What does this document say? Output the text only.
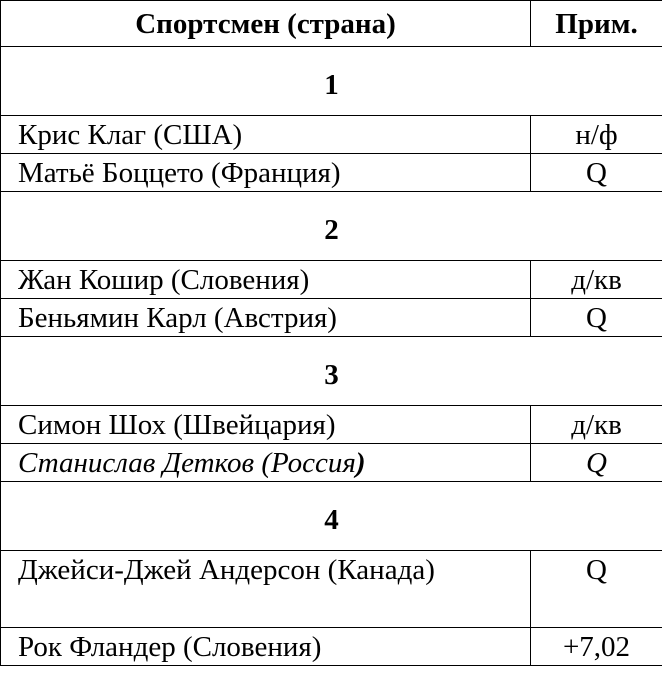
Спортсмен (страна)	Прим.
1	
Крис Клаг (США)	н/ф
Матьё Боццето (Франция)	Q
2	
Жан Кошир (Словения)	д/кв
Беньямин Карл (Австрия)	Q
3	
Симон Шох (Швейцария)	д/кв
Станислав Детков (Россия)	Q
4	
Джейси-Джей Андерсон (Канада)	Q
Рок Фландер (Словения)	+7,02
